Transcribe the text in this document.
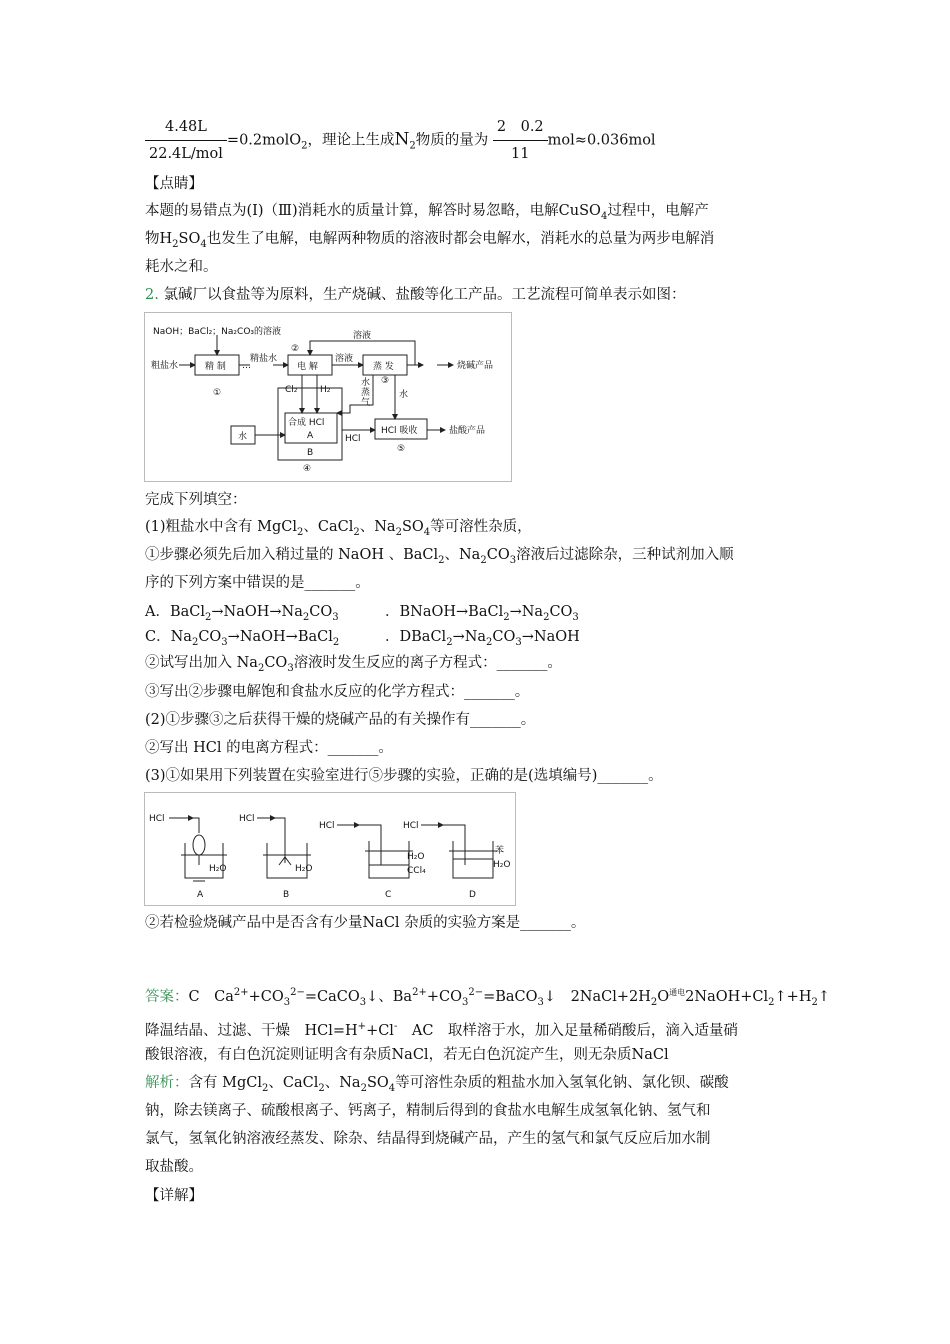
$\frac{4.48L}{\text{22.4L/mol}}$ =0.2molO$_2$，理论上生成$N_2$物质的量为 $\frac{2 0.2}{11} mol\approx 0.036mol$
【点睛】
本题的易错点为(I)（Ⅲ)消耗水的质量计算，解答时易忽略，电解CuSO$_4$过程中，电解产
物$H_2SO_4$也发生了电解，电解两种物质的溶液时都会电解水，消耗水的总量为两步电解消
耗水之和。
2. 氯碱厂以食盐等为原料，生产烧碱、盐酸等化工产品。工艺流程可简单表示如图：
NaOH；BaCl₂；Na₂CO₃的溶液
粗盐水	精 制
①
…
精盐水
②
电 解
溶液
溶液
蒸 发
③
烧碱产品
Cl₂	H₂
水
蒸
气
水
水
合成 HCl
A
B
④
HCl
HCl 吸收
⑤
盐酸产品
完成下列填空：
(1)粗盐水中含有 MgCl$_2$、CaCl$_2$、$Na_2SO_4$等可溶性杂质，
①步骤必须先后加入稍过量的 NaOH 、BaCl$_2$、$Na_2CO_3$溶液后过滤除杂，三种试剂加入顺
序的下列方案中错误的是_______。
A．$BaCl_2\to NaOH\to Na_2CO_3$	．$BNaOH\to BaCl_2\to Na_2CO_3$
C．$Na_2CO_3\to NaOH\to BaCl_2$	．$DBaCl_2\to Na_2CO_3\to NaOH$
②试写出加入 $Na_2CO_3$溶液时发生反应的离子方程式：_______。
③写出②步骤电解饱和食盐水反应的化学方程式：_______。
(2)①步骤③之后获得干燥的烧碱产品的有关操作有_______。
②写出 HCl 的电离方程式：_______。
(3)①如果用下列装置在实验室进行⑤步骤的实验，正确的是(选填编号)_______。
HCl
H₂O
A
HCl
H₂O
B
HCl
H₂O
CCl₄
C
HCl
苯
H₂O
D
②若检验烧碱产品中是否含有少量NaCl 杂质的实验方案是_______。
答案：C　 $Ca^{2+}+CO_3^{2-}=CaCO_3↓$、$Ba^{2+}+CO_3^{2-}=BaCO_3↓$　 $2NaCl+2H_2O^{通电}2NaOH+Cl_2↑+H_2↑$
降温结晶、过滤、干燥　HCl=H++Cl-　 AC　 取样溶于水，加入足量稀硝酸后，滴入适量硝
酸银溶液，有白色沉淀则证明含有杂质NaCl，若无白色沉淀产生，则无杂质NaCl
解析：含有 MgCl$_2$、CaCl$_2$、$Na_2SO_4$等可溶性杂质的粗盐水加入氢氧化钠、氯化钡、碳酸
钠，除去镁离子、硫酸根离子、钙离子，精制后得到的食盐水电解生成氢氧化钠、氢气和
氯气，氢氧化钠溶液经蒸发、除杂、结晶得到烧碱产品，产生的氢气和氯气反应后加水制
取盐酸。
【详解】
